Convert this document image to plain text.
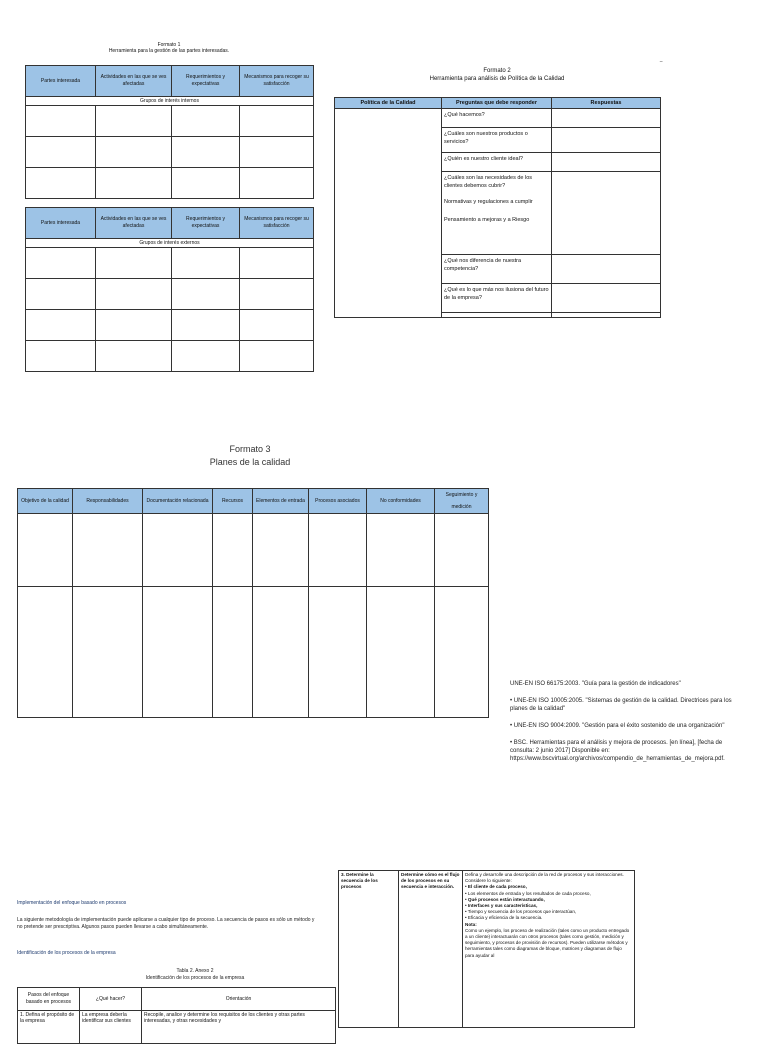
Formato 1
Herramienta para la gestión de las partes interesadas.
Partes interesada	Actividades en las que se ves afectadas	Requerimientos y expectativas	Mecanismos para recoger su satisfacción
Grupos de interés internos			

Partes interesada	Actividades en las que se ves afectadas	Requerimientos y expectativas	Mecanismos para recoger su satisfacción
Grupos de interés externos			

Formato 2
Herramienta para análisis de Política de la Calidad
‾
Política de la Calidad	Preguntas que debe responder	Respuestas
	¿Qué hacemos?	
	¿Cuáles son nuestros productos o servicios?	
	¿Quién es nuestro cliente ideal?	

	¿Cuáles son las necesidades de los clientes debemos cubrir?
Normativas y regulaciones a cumplir
Pensamiento a mejoras y a Riesgo	

	¿Qué nos diferencia de nuestra competencia?	
	¿Qué es lo que más nos ilusiona del futuro de la empresa?	

Formato 3
Planes de la calidad
Objetivo de la calidad	Responsabilidades	Documentación relacionada	Recursos	Elementos de entrada	Procesos asociados	No conformidades	Seguimiento y medición

UNE-EN ISO 66175:2003. "Guía para la gestión de indicadores"

• UNE-EN ISO 10005:2005. "Sistemas de gestión de la calidad. Directrices para los planes de la calidad"

• UNE-EN ISO 9004:2009. "Gestión para el éxito sostenido de una organización"

• BSC. Herramientas para el análisis y mejora de procesos. [en línea], [fecha de consulta: 2 junio 2017] Disponible en: https://www.bscvirtual.org/archivos/compendio_de_herramientas_de_mejora.pdf.

Implementación del enfoque basado en procesos
La siguiente metodología de implementación puede aplicarse a cualquier tipo de proceso. La secuencia de pasos es sólo un método y no pretende ser prescriptiva. Algunos pasos pueden llevarse a cabo simultáneamente.
Identificación de los procesos de la empresa
Tabla 2. Anexo 2
Identificación de los procesos de la empresa
Pasos del enfoque basado en procesos	¿Qué hacer?	Orientación
1. Defina el propósito de la empresa	La empresa debería identificar sus clientes	Recopile, analice y determine los requisitos de los clientes y otras partes interesadas, y otras necesidades y
3. Determine la secuencia de los procesos	Determine cómo es el flujo de los procesos en su secuencia e interacción.	
Defina y desarrolle una descripción de la red de procesos y sus interacciones.
Considere lo siguiente:
• El cliente de cada proceso,
• Los elementos de entrada y los resultados de cada proceso,
• Qué procesos están interactuando,
• Interfaces y sus características,
• Tiempo y secuencia de los procesos que interactúan,
• Eficacia y eficiencia de la secuencia.
Nota:
Como un ejemplo, los proceso de realización (tales como un producto entregado a un cliente) interactuarán con otros procesos (tales como gestión, medición y seguimiento, y procesos de provisión de recursos). Pueden utilizarse métodos y herramientas tales como diagramas de bloque, matrices y diagramas de flujo para ayudar al
